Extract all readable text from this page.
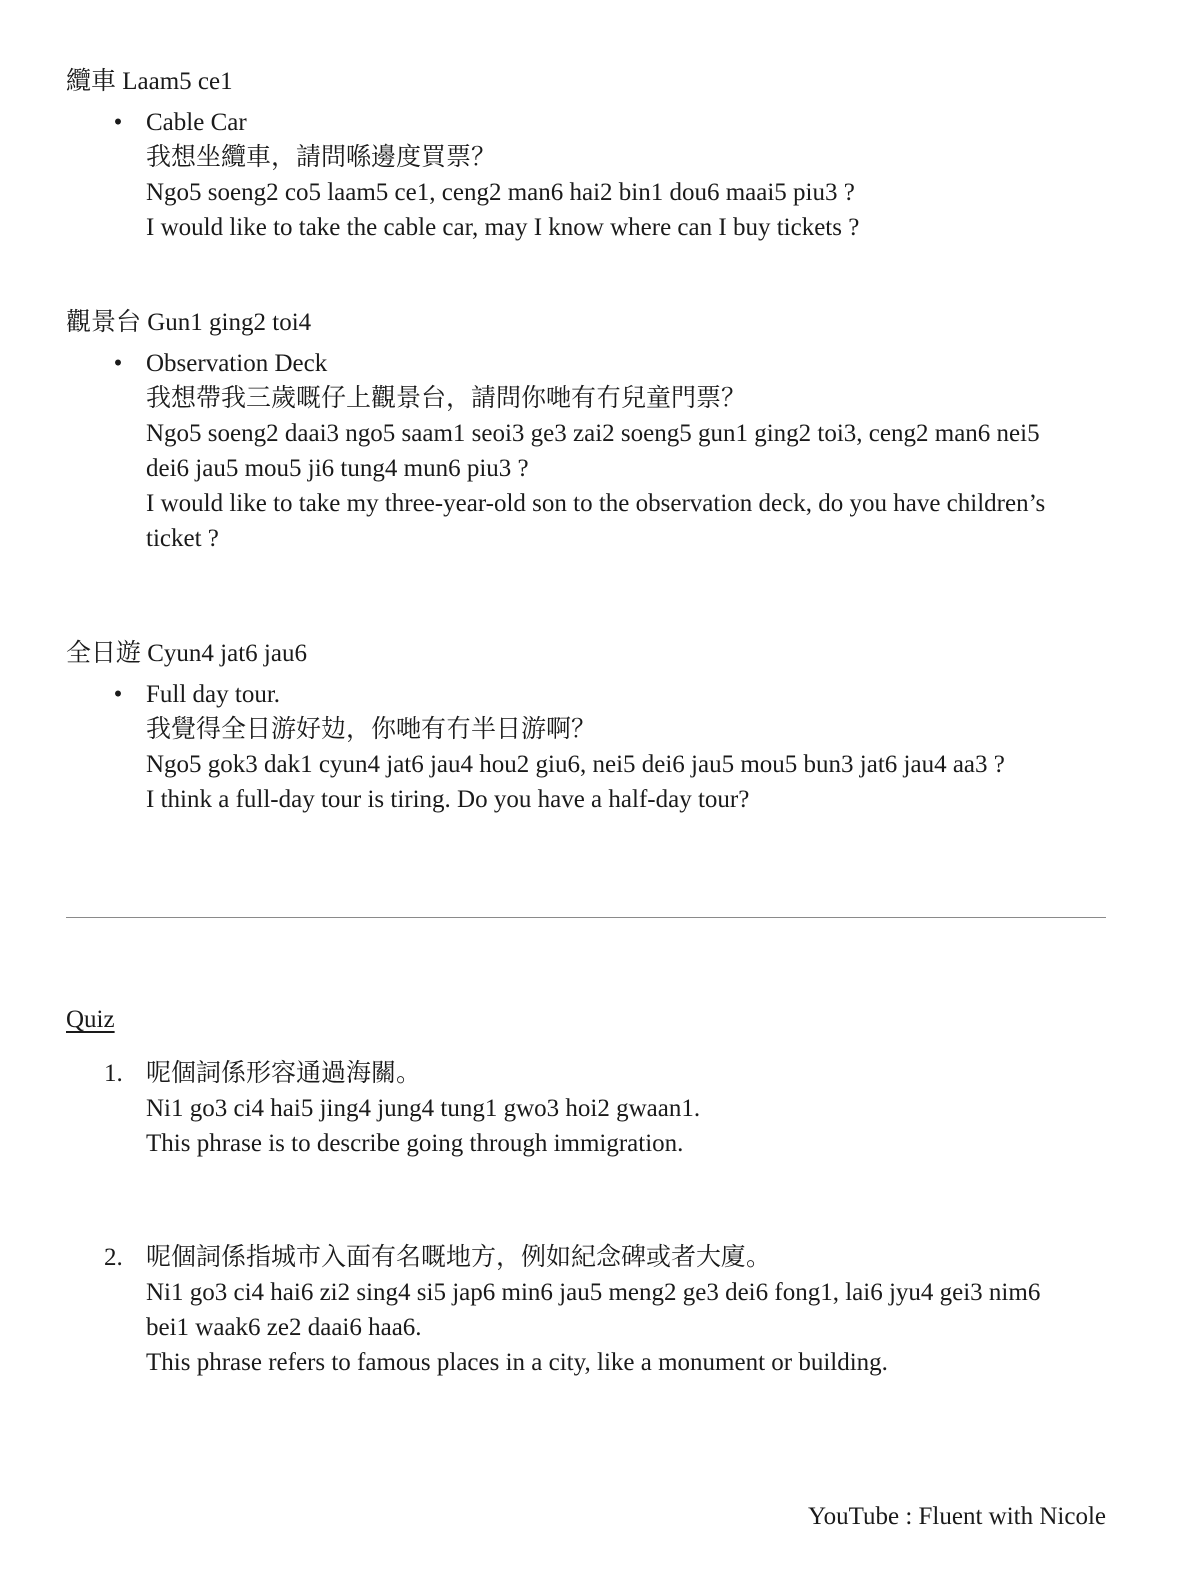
纜車 Laam5 ce1
• Cable Car
我想坐纜車，請問喺邊度買票？
Ngo5 soeng2 co5 laam5 ce1, ceng2 man6 hai2 bin1 dou6 maai5 piu3 ?
I would like to take the cable car, may I know where can I buy tickets ?
觀景台 Gun1 ging2 toi4
• Observation Deck
我想帶我三歲嘅仔上觀景台，請問你哋有冇兒童門票？
Ngo5 soeng2 daai3 ngo5 saam1 seoi3 ge3 zai2 soeng5 gun1 ging2 toi3, ceng2 man6 nei5
dei6 jau5 mou5 ji6 tung4 mun6 piu3 ?
I would like to take my three-year-old son to the observation deck, do you have children’s
ticket ?
全日遊 Cyun4 jat6 jau6
• Full day tour.
我覺得全日游好攰，你哋有冇半日游啊？
Ngo5 gok3 dak1 cyun4 jat6 jau4 hou2 giu6, nei5 dei6 jau5 mou5 bun3 jat6 jau4 aa3 ?
I think a full-day tour is tiring. Do you have a half-day tour?
Quiz
1. 呢個詞係形容通過海關。
Ni1 go3 ci4 hai5 jing4 jung4 tung1 gwo3 hoi2 gwaan1.
This phrase is to describe going through immigration.
2. 呢個詞係指城市入面有名嘅地方，例如紀念碑或者大廈。
Ni1 go3 ci4 hai6 zi2 sing4 si5 jap6 min6 jau5 meng2 ge3 dei6 fong1, lai6 jyu4 gei3 nim6
bei1 waak6 ze2 daai6 haa6.
This phrase refers to famous places in a city, like a monument or building.
YouTube : Fluent with Nicole
